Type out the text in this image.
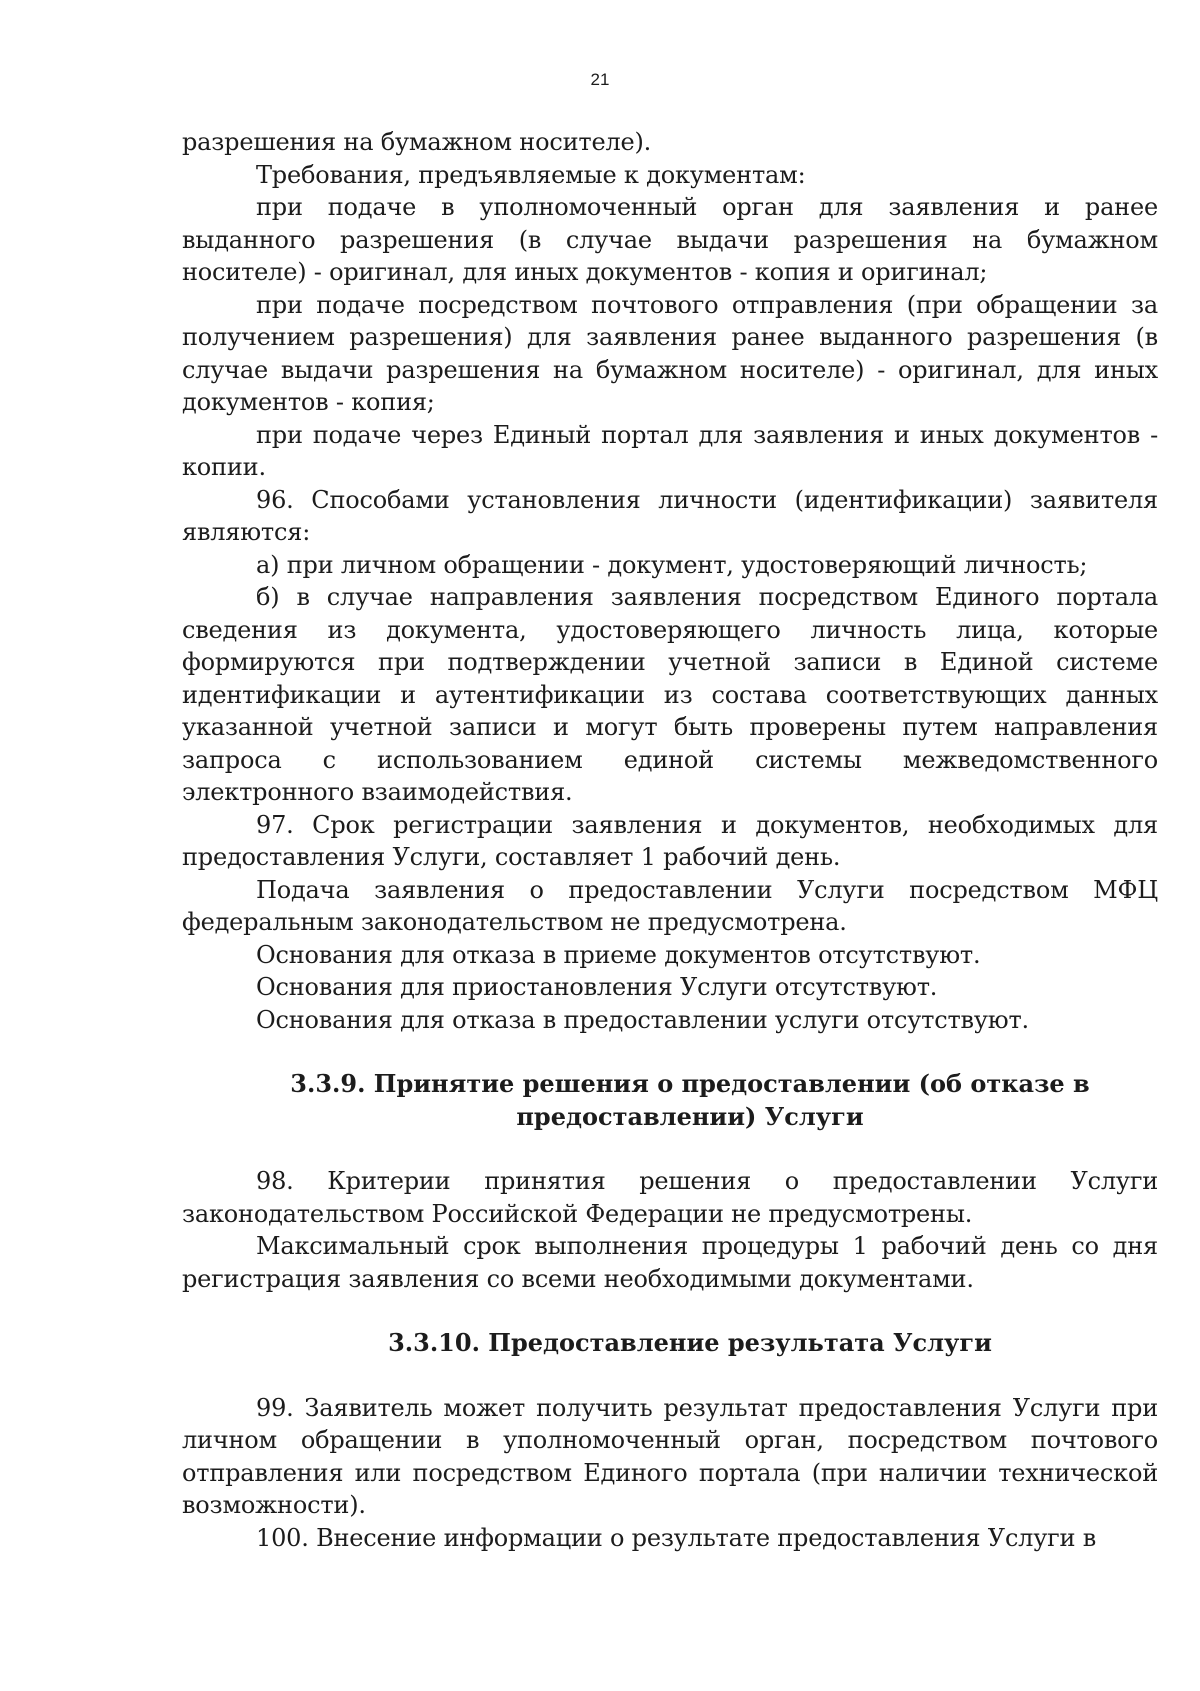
21

разрешения на бумажном носителе).

Требования, предъявляемые к документам:

при подаче в уполномоченный орган для заявления и ранее выданного разрешения (в случае выдачи разрешения на бумажном носителе) - оригинал, для иных документов - копия и оригинал;

при подаче посредством почтового отправления (при обращении за получением разрешения) для заявления ранее выданного разрешения (в случае выдачи разрешения на бумажном носителе) - оригинал, для иных документов - копия;

при подаче через Единый портал для заявления и иных документов - копии.

96. Способами установления личности (идентификации) заявителя являются:

а) при личном обращении - документ, удостоверяющий личность;

б) в случае направления заявления посредством Единого портала сведения из документа, удостоверяющего личность лица, которые формируются при подтверждении учетной записи в Единой системе идентификации и аутентификации из состава соответствующих данных указанной учетной записи и могут быть проверены путем направления запроса с использованием единой системы межведомственного электронного взаимодействия.

97. Срок регистрации заявления и документов, необходимых для предоставления Услуги, составляет 1 рабочий день.

Подача заявления о предоставлении Услуги посредством МФЦ федеральным законодательством не предусмотрена.

Основания для отказа в приеме документов отсутствуют.

Основания для приостановления Услуги отсутствуют.

Основания для отказа в предоставлении услуги отсутствуют.

3.3.9. Принятие решения о предоставлении (об отказе в

предоставлении) Услуги

98. Критерии принятия решения о предоставлении Услуги законодательством Российской Федерации не предусмотрены.

Максимальный срок выполнения процедуры 1 рабочий день со дня регистрация заявления со всеми необходимыми документами.

3.3.10. Предоставление результата Услуги

99. Заявитель может получить результат предоставления Услуги при личном обращении в уполномоченный орган, посредством почтового отправления или посредством Единого портала (при наличии технической возможности).

100. Внесение информации о результате предоставления Услуги в
